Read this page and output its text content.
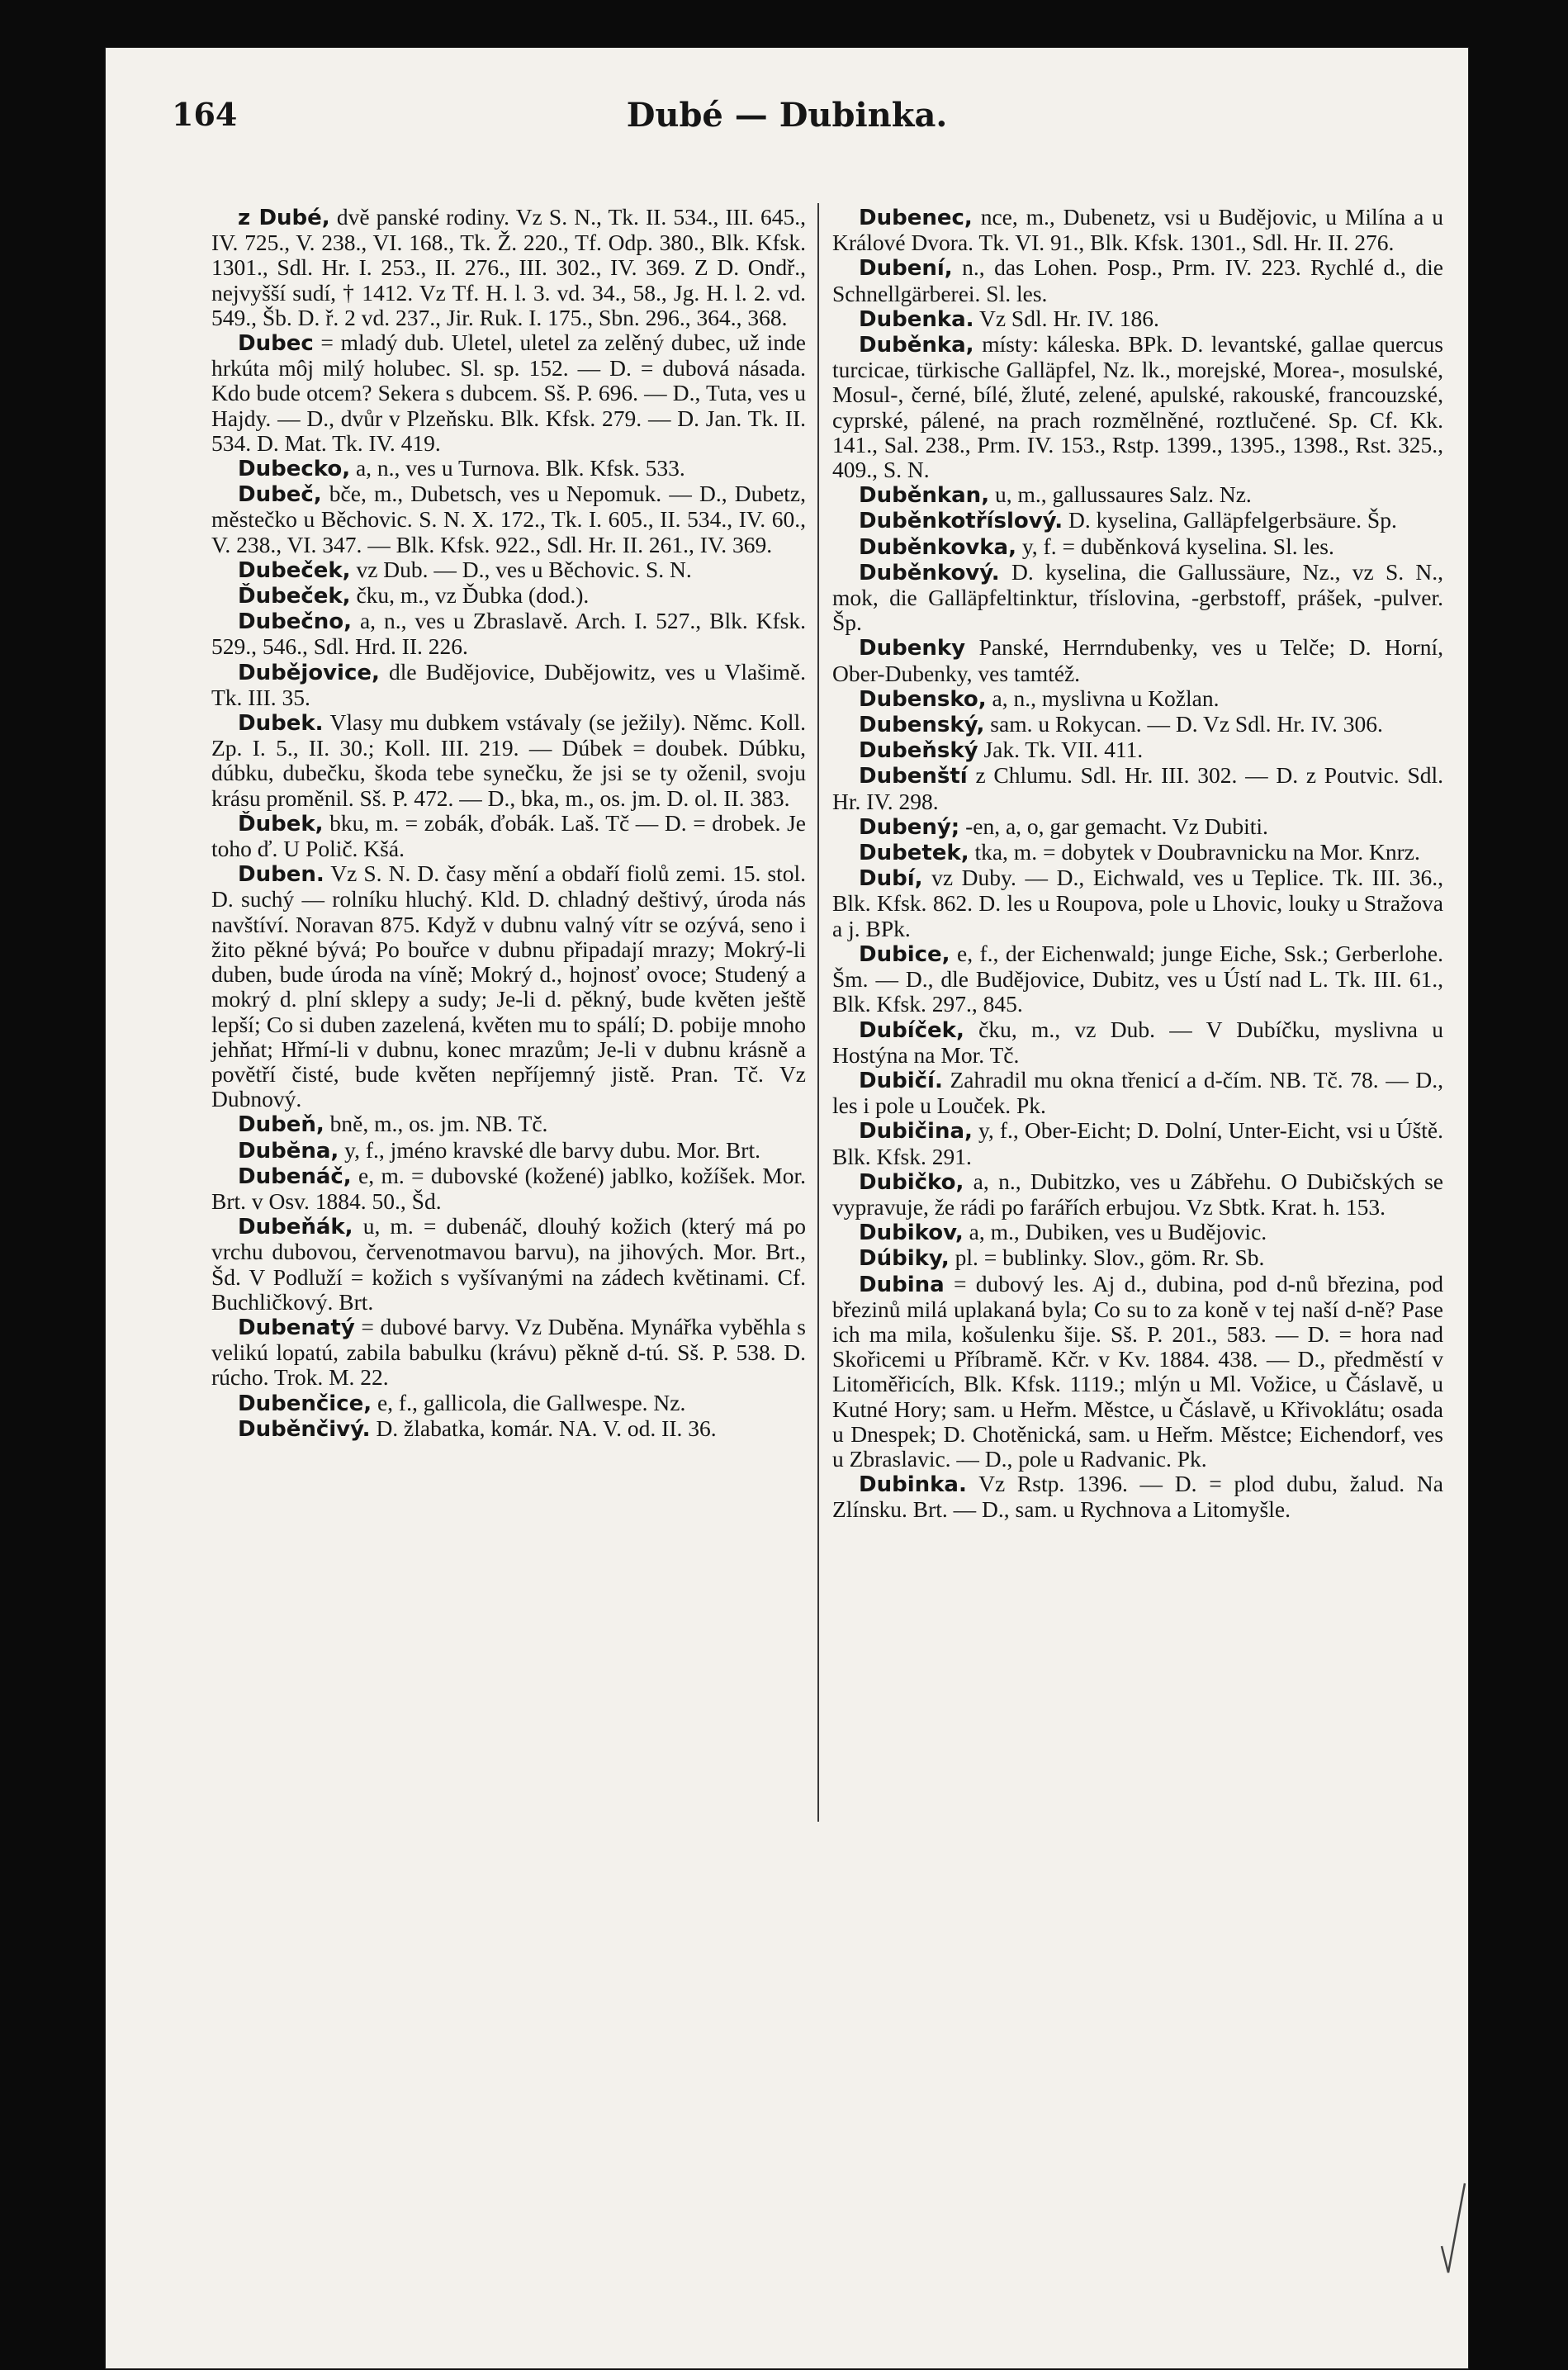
164	Dubé — Dubinka.

z Dubé, dvě panské rodiny. Vz S. N., Tk. II. 534., III. 645., IV. 725., V. 238., VI. 168., Tk. Ž. 220., Tf. Odp. 380., Blk. Kfsk. 1301., Sdl. Hr. I. 253., II. 276., III. 302., IV. 369. Z D. Ondř., nejvyšší sudí, † 1412. Vz Tf. H. l. 3. vd. 34., 58., Jg. H. l. 2. vd. 549., Šb. D. ř. 2 vd. 237., Jir. Ruk. I. 175., Sbn. 296., 364., 368.

Dubec = mladý dub. Uletel, uletel za zelěný dubec, už inde hrkúta môj milý holubec. Sl. sp. 152. — D. = dubová násada. Kdo bude otcem? Sekera s dubcem. Sš. P. 696. — D., Tuta, ves u Hajdy. — D., dvůr v Plzeňsku. Blk. Kfsk. 279. — D. Jan. Tk. II. 534. D. Mat. Tk. IV. 419.

Dubecko, a, n., ves u Turnova. Blk. Kfsk. 533.

Dubeč, bče, m., Dubetsch, ves u Nepomuk. — D., Dubetz, městečko u Běchovic. S. N. X. 172., Tk. I. 605., II. 534., IV. 60., V. 238., VI. 347. — Blk. Kfsk. 922., Sdl. Hr. II. 261., IV. 369.

Dubeček, vz Dub. — D., ves u Běchovic. S. N.

Ďubeček, čku, m., vz Ďubka (dod.).

Dubečno, a, n., ves u Zbraslavě. Arch. I. 527., Blk. Kfsk. 529., 546., Sdl. Hrd. II. 226.

Dubějovice, dle Budějovice, Dubějowitz, ves u Vlašimě. Tk. III. 35.

Dubek. Vlasy mu dubkem vstávaly (se ježily). Němc. Koll. Zp. I. 5., II. 30.; Koll. III. 219. — Dúbek = doubek. Dúbku, dúbku, dubečku, škoda tebe synečku, že jsi se ty oženil, svoju krásu proměnil. Sš. P. 472. — D., bka, m., os. jm. D. ol. II. 383.

Ďubek, bku, m. = zobák, ďobák. Laš. Tč — D. = drobek. Je toho ď. U Polič. Kšá.

Duben. Vz S. N. D. časy mění a obdaří fiolů zemi. 15. stol. D. suchý — rolníku hluchý. Kld. D. chladný deštivý, úroda nás navštíví. Noravan 875. Když v dubnu valný vítr se ozývá, seno i žito pěkné bývá; Po bouřce v dubnu připadají mrazy; Mokrý-li duben, bude úroda na víně; Mokrý d., hojnosť ovoce; Studený a mokrý d. plní sklepy a sudy; Je-li d. pěkný, bude květen ještě lepší; Co si duben zazelená, květen mu to spálí; D. pobije mnoho jehňat; Hřmí-li v dubnu, konec mrazům; Je-li v dubnu krásně a povětří čisté, bude květen nepříjemný jistě. Pran. Tč. Vz Dubnový.

Dubeň, bně, m., os. jm. NB. Tč.

Dubĕna, y, f., jméno kravské dle barvy dubu. Mor. Brt.

Dubenáč, e, m. = dubovské (kožené) jablko, kožíšek. Mor. Brt. v Osv. 1884. 50., Šd.

Dubeňák, u, m. = dubenáč, dlouhý kožich (který má po vrchu dubovou, červenotmavou barvu), na jihových. Mor. Brt., Šd. V Podluží = kožich s vyšívanými na zádech květinami. Cf. Buchličkový. Brt.

Dubenatý = dubové barvy. Vz Duběna. Mynářka vyběhla s velikú lopatú, zabila babulku (krávu) pěkně d-tú. Sš. P. 538. D. rúcho. Trok. M. 22.

Dubenčice, e, f., gallicola, die Gallwespe. Nz.

Duběnčivý. D. žlabatka, komár. NA. V. od. II. 36.

Dubenec, nce, m., Dubenetz, vsi u Budějovic, u Milína a u Králové Dvora. Tk. VI. 91., Blk. Kfsk. 1301., Sdl. Hr. II. 276.

Dubení, n., das Lohen. Posp., Prm. IV. 223. Rychlé d., die Schnellgärberei. Sl. les.

Dubenka. Vz Sdl. Hr. IV. 186.

Duběnka, místy: káleska. BPk. D. levantské, gallae quercus turcicae, türkische Galläpfel, Nz. lk., morejské, Morea-, mosulské, Mosul-, černé, bílé, žluté, zelené, apulské, rakouské, francouzské, cyprské, pálené, na prach rozmělněné, roztlučené. Sp. Cf. Kk. 141., Sal. 238., Prm. IV. 153., Rstp. 1399., 1395., 1398., Rst. 325., 409., S. N.

Duběnkan, u, m., gallussaures Salz. Nz.

Duběnkotříslový. D. kyselina, Galläpfelgerbsäure. Šp.

Duběnkovka, y, f. = duběnková kyselina. Sl. les.

Duběnkový. D. kyselina, die Gallussäure, Nz., vz S. N., mok, die Galläpfeltinktur, tříslovina, -gerbstoff, prášek, -pulver. Šp.

Dubenky Panské, Herrndubenky, ves u Telče; D. Horní, Ober-Dubenky, ves tamtéž.

Dubensko, a, n., myslivna u Kožlan.

Dubenský, sam. u Rokycan. — D. Vz Sdl. Hr. IV. 306.

Dubeňský Jak. Tk. VII. 411.

Dubenští z Chlumu. Sdl. Hr. III. 302. — D. z Poutvic. Sdl. Hr. IV. 298.

Dubený; -en, a, o, gar gemacht. Vz Dubiti.

Dubetek, tka, m. = dobytek v Doubravnicku na Mor. Knrz.

Dubí, vz Duby. — D., Eichwald, ves u Teplice. Tk. III. 36., Blk. Kfsk. 862. D. les u Roupova, pole u Lhovic, louky u Stražova a j. BPk.

Dubice, e, f., der Eichenwald; junge Eiche, Ssk.; Gerberlohe. Šm. — D., dle Budějovice, Dubitz, ves u Ústí nad L. Tk. III. 61., Blk. Kfsk. 297., 845.

Dubíček, čku, m., vz Dub. — V Dubíčku, myslivna u Hostýna na Mor. Tč.

Dubičí. Zahradil mu okna třenicí a d-čím. NB. Tč. 78. — D., les i pole u Louček. Pk.

Dubičina, y, f., Ober-Eicht; D. Dolní, Unter-Eicht, vsi u Úště. Blk. Kfsk. 291.

Dubičko, a, n., Dubitzko, ves u Zábřehu. O Dubičských se vypravuje, že rádi po farářích erbujou. Vz Sbtk. Krat. h. 153.

Dubikov, a, m., Dubiken, ves u Budějovic.

Dúbiky, pl. = bublinky. Slov., göm. Rr. Sb.

Dubina = dubový les. Aj d., dubina, pod d-nů březina, pod březinů milá uplakaná byla; Co su to za koně v tej naší d-ně? Pase ich ma mila, košulenku šije. Sš. P. 201., 583. — D. = hora nad Skořicemi u Příbramě. Kčr. v Kv. 1884. 438. — D., předměstí v Litoměřicích, Blk. Kfsk. 1119.; mlýn u Ml. Vožice, u Čáslavě, u Kutné Hory; sam. u Heřm. Městce, u Čáslavě, u Křivoklátu; osada u Dnespek; D. Chotěnická, sam. u Heřm. Městce; Eichendorf, ves u Zbraslavic. — D., pole u Radvanic. Pk.

Dubinka. Vz Rstp. 1396. — D. = plod dubu, žalud. Na Zlínsku. Brt. — D., sam. u Rychnova a Litomyšle.
